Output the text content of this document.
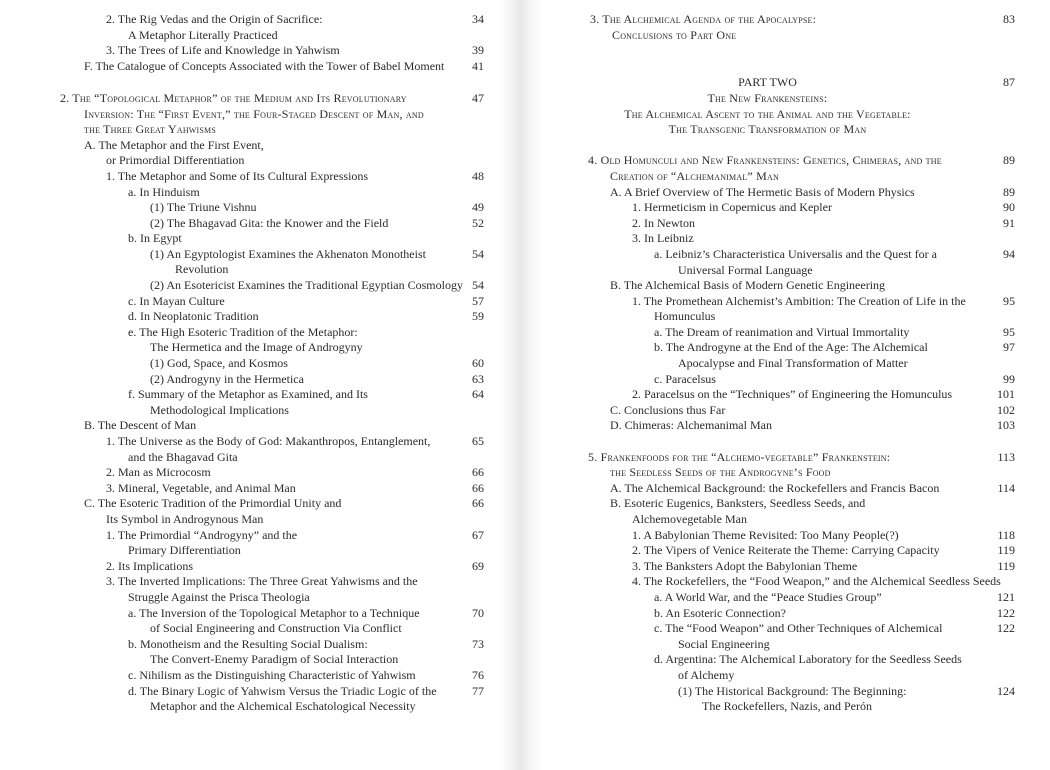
2. The Rig Vedas and the Origin of Sacrifice:	34
A Metaphor Literally Practiced
3. The Trees of Life and Knowledge in Yahwism	39
F. The Catalogue of Concepts Associated with the Tower of Babel Moment	41
2. The “Topological Metaphor” of the Medium and Its Revolutionary	47
Inversion: The “First Event,” the Four-Staged Descent of Man, and
the Three Great Yahwisms
A. The Metaphor and the First Event,
or Primordial Differentiation
1. The Metaphor and Some of Its Cultural Expressions	48
a. In Hinduism
(1) The Triune Vishnu	49
(2) The Bhagavad Gita: the Knower and the Field	52
b. In Egypt
(1) An Egyptologist Examines the Akhenaton Monotheist	54
Revolution
(2) An Esotericist Examines the Traditional Egyptian Cosmology 54
c. In Mayan Culture	57
d. In Neoplatonic Tradition	59
e. The High Esoteric Tradition of the Metaphor:
The Hermetica and the Image of Androgyny
(1) God, Space, and Kosmos	60
(2) Androgyny in the Hermetica	63
f. Summary of the Metaphor as Examined, and Its	64
Methodological Implications
B. The Descent of Man
1. The Universe as the Body of God: Makanthropos, Entanglement,	65
and the Bhagavad Gita
2. Man as Microcosm	66
3. Mineral, Vegetable, and Animal Man	66
C. The Esoteric Tradition of the Primordial Unity and	66
Its Symbol in Androgynous Man
1. The Primordial “Androgyny” and the	67
Primary Differentiation
2. Its Implications	69
3. The Inverted Implications: The Three Great Yahwisms and the
Struggle Against the Prisca Theologia
a. The Inversion of the Topological Metaphor to a Technique	70
of Social Engineering and Construction Via Conflict
b. Monotheism and the Resulting Social Dualism:	73
The Convert-Enemy Paradigm of Social Interaction
c. Nihilism as the Distinguishing Characteristic of Yahwism	76
d. The Binary Logic of Yahwism Versus the Triadic Logic of the	77
Metaphor and the Alchemical Eschatological Necessity
3. The Alchemical Agenda of the Apocalypse:	83
Conclusions to Part One
PART TWO	87
The New Frankensteins:
The Alchemical Ascent to the Animal and the Vegetable:
The Transgenic Transformation of Man
4. Old Homunculi and New Frankensteins: Genetics, Chimeras, and the	89
Creation of “Alchemanimal” Man
A. A Brief Overview of The Hermetic Basis of Modern Physics	89
1. Hermeticism in Copernicus and Kepler	90
2. In Newton	91
3. In Leibniz
a. Leibniz’s Characteristica Universalis and the Quest for a	94
Universal Formal Language
B. The Alchemical Basis of Modern Genetic Engineering
1. The Promethean Alchemist’s Ambition: The Creation of Life in the	95
Homunculus
a. The Dream of reanimation and Virtual Immortality	95
b. The Androgyne at the End of the Age: The Alchemical	97
Apocalypse and Final Transformation of Matter
c. Paracelsus	99
2. Paracelsus on the “Techniques” of Engineering the Homunculus	101
C. Conclusions thus Far	102
D. Chimeras: Alchemanimal Man	103
5. Frankenfoods for the “Alchemo-vegetable” Frankenstein:	113
the Seedless Seeds of the Androgyne’s Food
A. The Alchemical Background: the Rockefellers and Francis Bacon	114
B. Esoteric Eugenics, Banksters, Seedless Seeds, and
Alchemovegetable Man
1. A Babylonian Theme Revisited: Too Many People(?)	118
2. The Vipers of Venice Reiterate the Theme: Carrying Capacity	119
3. The Banksters Adopt the Babylonian Theme	119
4. The Rockefellers, the “Food Weapon,” and the Alchemical Seedless Seeds
a. A World War, and the “Peace Studies Group”	121
b. An Esoteric Connection?	122
c. The “Food Weapon” and Other Techniques of Alchemical	122
Social Engineering
d. Argentina: The Alchemical Laboratory for the Seedless Seeds
of Alchemy
(1) The Historical Background: The Beginning:	124
The Rockefellers, Nazis, and Perón
